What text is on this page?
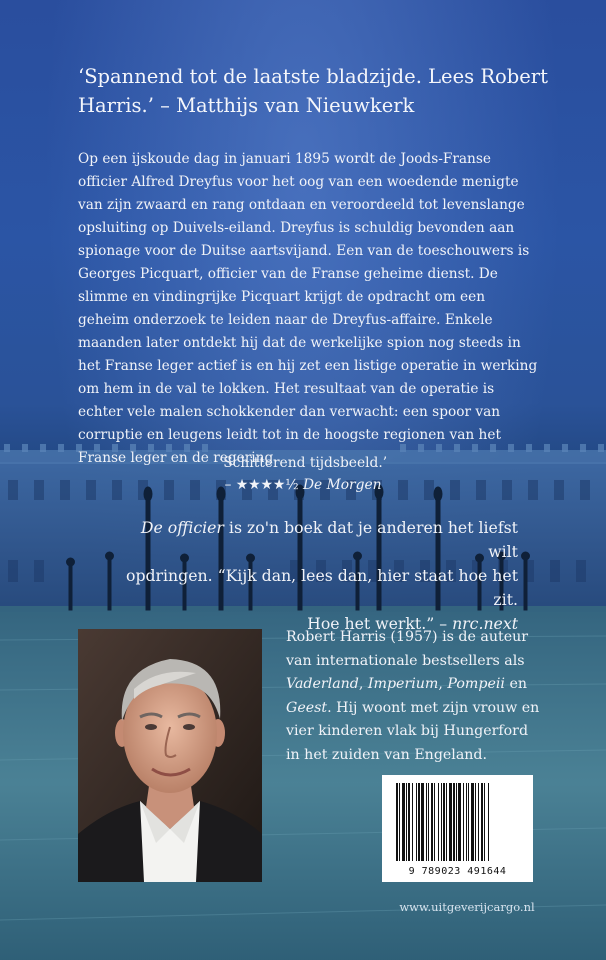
‘Spannend tot de laatste bladzijde. Lees Robert Harris.’ – Matthijs van Nieuwkerk

Op een ijskoude dag in januari 1895 wordt de Joods-Franse officier Alfred Dreyfus voor het oog van een woedende menigte van zijn zwaard en rang ontdaan en veroordeeld tot levenslange opsluiting op Duivels-eiland. Dreyfus is schuldig bevonden aan spionage voor de Duitse aartsvijand. Een van de toeschouwers is Georges Picquart, officier van de Franse geheime dienst. De slimme en vindingrijke Picquart krijgt de opdracht om een geheim onderzoek te leiden naar de Dreyfus-affaire. Enkele maanden later ontdekt hij dat de werkelijke spion nog steeds in het Franse leger actief is en hij zet een listige operatie in werking om hem in de val te lokken. Het resultaat van de operatie is echter vele malen schokkender dan verwacht: een spoor van corruptie en leugens leidt tot in de hoogste regionen van het Franse leger en de regering.

‘Schitterend tijdsbeeld.’
– ★★★★½ De Morgen
De officier is zo'n boek dat je anderen het liefst wilt
opdringen. “Kijk dan, lees dan, hier staat hoe het zit.
Hoe het werkt.” – nrc.next

Robert Harris (1957) is de auteur van internationale bestsellers als Vaderland, Imperium, Pompeii en Geest. Hij woont met zijn vrouw en vier kinderen vlak bij Hungerford in het zuiden van Engeland.

9 789023 491644
www.uitgeverijcargo.nl
